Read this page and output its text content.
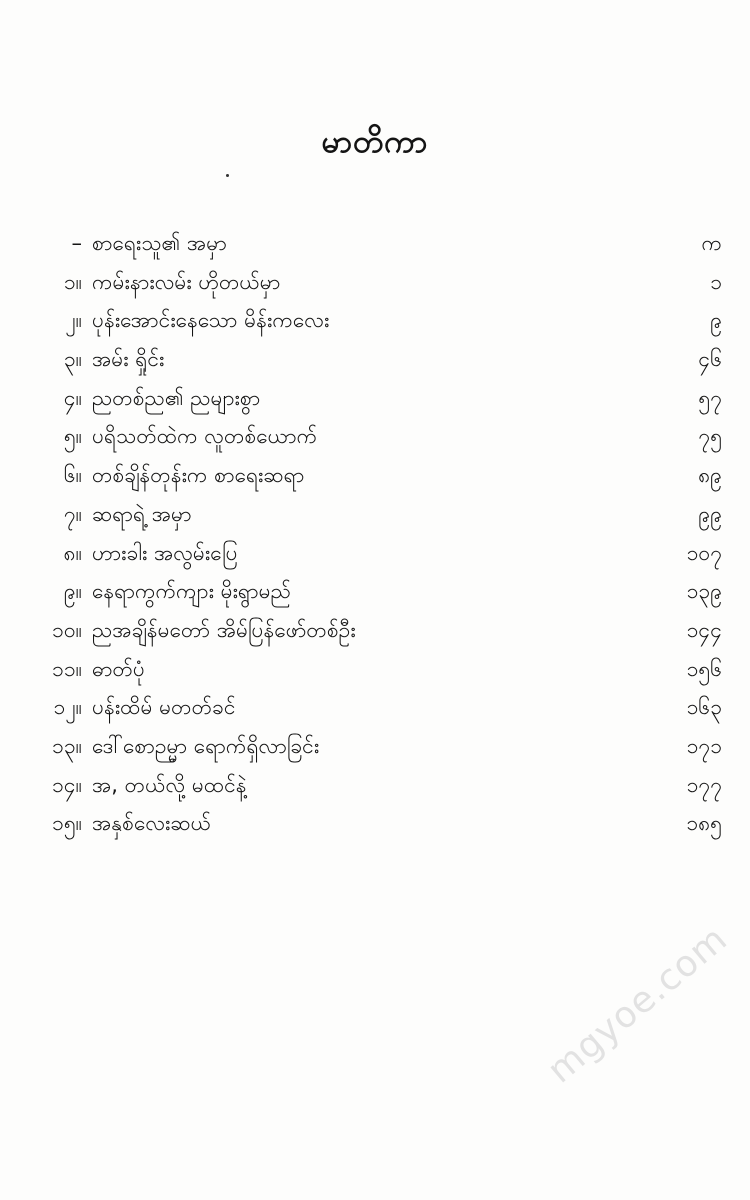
မာတိကာ
– စာရေးသူ၏ အမှာ	က
၁။ ကမ်းနားလမ်း ဟိုတယ်မှာ	၁
၂။ ပုန်းအောင်းနေသော မိန်းကလေး	၉
၃။ အမ်း ရှိုင်း	၄၆
၄။ ညတစ်ည၏ ညများစွာ	၅၇
၅။ ပရိသတ်ထဲက လူတစ်ယောက်	၇၅
၆။ တစ်ချိန်တုန်းက စာရေးဆရာ	၈၉
၇။ ဆရာရဲ့ အမှာ	၉၉
၈။ ဟားခါး အလွမ်းပြေ	၁၀၇
၉။ နေရာကွက်ကျား မိုးရွာမည်	၁၃၉
၁၀။ ညအချိန်မတော် အိမ်ပြန်ဖော်တစ်ဦး	၁၄၄
၁၁။ ဓာတ်ပုံ	၁၅၆
၁၂။ ပန်းထိမ် မတတ်ခင်	၁၆၃
၁၃။ ဒေါ်စောဉမ္မာ ရောက်ရှိလာခြင်း	၁၇၁
၁၄။ အ, တယ်လို့ မထင်နဲ့	၁၇၇
၁၅။ အနှစ်လေးဆယ်	၁၈၅
mgyoe.com
